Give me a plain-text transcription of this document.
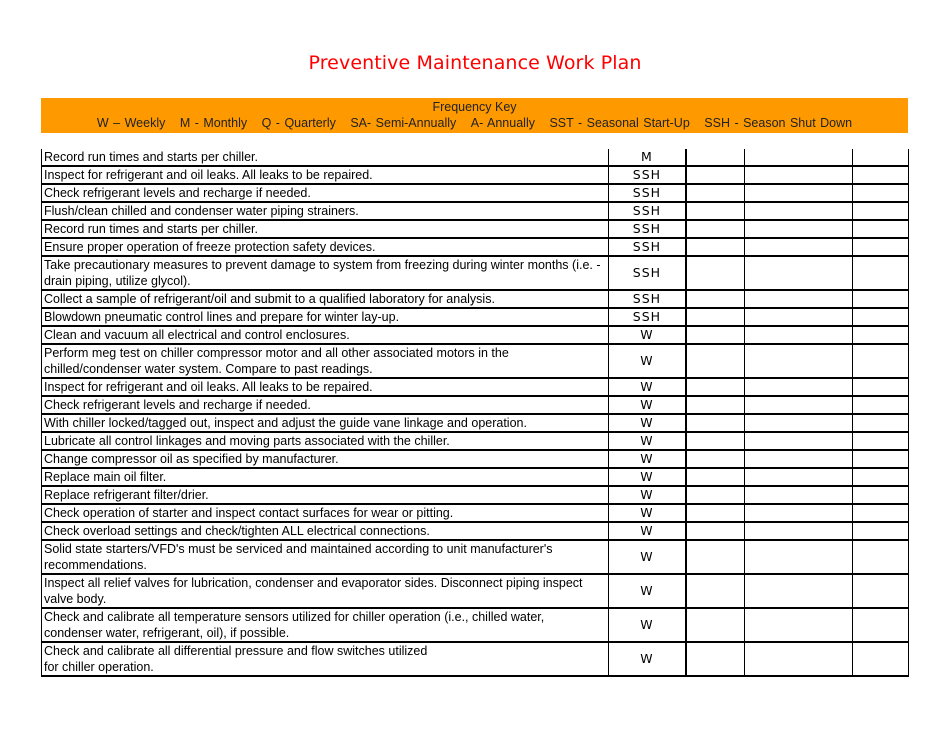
Preventive Maintenance Work Plan
Frequency Key
W – Weekly M - Monthly Q - Quarterly SA- Semi-Annually A- Annually SST - Seasonal Start-Up SSH - Season Shut Down
Record run times and starts per chiller.	M			
Inspect for refrigerant and oil leaks. All leaks to be repaired.	SSH			
Check refrigerant levels and recharge if needed.	SSH			
Flush/clean chilled and condenser water piping strainers.	SSH			
Record run times and starts per chiller.	SSH			
Ensure proper operation of freeze protection safety devices.	SSH			
Take precautionary measures to prevent damage to system from freezing during winter months (i.e. - drain piping, utilize glycol).	SSH			
Collect a sample of refrigerant/oil and submit to a qualified laboratory for analysis.	SSH			
Blowdown pneumatic control lines and prepare for winter lay-up.	SSH			
Clean and vacuum all electrical and control enclosures.	W			
Perform meg test on chiller compressor motor and all other associated motors in the chilled/condenser water system. Compare to past readings.	W			
Inspect for refrigerant and oil leaks. All leaks to be repaired.	W			
Check refrigerant levels and recharge if needed.	W			
With chiller locked/tagged out, inspect and adjust the guide vane linkage and operation.	W			
Lubricate all control linkages and moving parts associated with the chiller.	W			
Change compressor oil as specified by manufacturer.	W			
Replace main oil filter.	W			
Replace refrigerant filter/drier.	W			
Check operation of starter and inspect contact surfaces for wear or pitting.	W			
Check overload settings and check/tighten ALL electrical connections.	W			
Solid state starters/VFD's must be serviced and maintained according to unit manufacturer's recommendations.	W			
Inspect all relief valves for lubrication, condenser and evaporator sides. Disconnect piping inspect valve body.	W			
Check and calibrate all temperature sensors utilized for chiller operation (i.e., chilled water, condenser water, refrigerant, oil), if possible.	W			
Check and calibrate all differential pressure and flow switches utilized
for chiller operation.	W			
